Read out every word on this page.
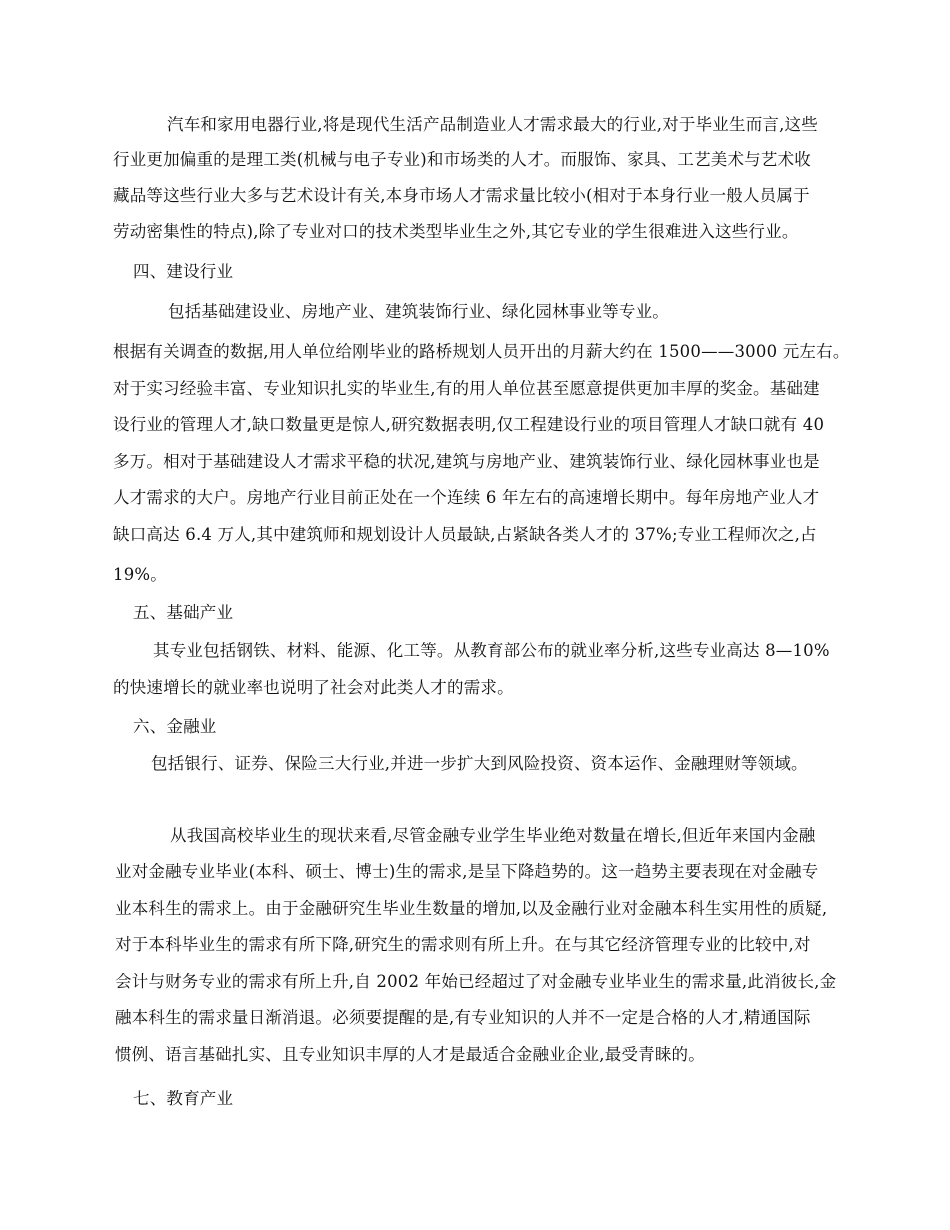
汽车和家用电器行业,将是现代生活产品制造业人才需求最大的行业,对于毕业生而言,这些
行业更加偏重的是理工类(机械与电子专业)和市场类的人才。而服饰、家具、工艺美术与艺术收
藏品等这些行业大多与艺术设计有关,本身市场人才需求量比较小(相对于本身行业一般人员属于
劳动密集性的特点),除了专业对口的技术类型毕业生之外,其它专业的学生很难进入这些行业。
四、建设行业
包括基础建设业、房地产业、建筑装饰行业、绿化园林事业等专业。
根据有关调查的数据,用人单位给刚毕业的路桥规划人员开出的月薪大约在 1500——3000 元左右。
对于实习经验丰富、专业知识扎实的毕业生,有的用人单位甚至愿意提供更加丰厚的奖金。基础建
设行业的管理人才,缺口数量更是惊人,研究数据表明,仅工程建设行业的项目管理人才缺口就有 40
多万。相对于基础建设人才需求平稳的状况,建筑与房地产业、建筑装饰行业、绿化园林事业也是
人才需求的大户。房地产行业目前正处在一个连续 6 年左右的高速增长期中。每年房地产业人才
缺口高达 6.4 万人,其中建筑师和规划设计人员最缺,占紧缺各类人才的 37%;专业工程师次之,占
19%。
五、基础产业
其专业包括钢铁、材料、能源、化工等。从教育部公布的就业率分析,这些专业高达 8—10%
的快速增长的就业率也说明了社会对此类人才的需求。
六、金融业
包括银行、证券、保险三大行业,并进一步扩大到风险投资、资本运作、金融理财等领域。
从我国高校毕业生的现状来看,尽管金融专业学生毕业绝对数量在增长,但近年来国内金融
业对金融专业毕业(本科、硕士、博士)生的需求,是呈下降趋势的。这一趋势主要表现在对金融专
业本科生的需求上。由于金融研究生毕业生数量的增加,以及金融行业对金融本科生实用性的质疑,
对于本科毕业生的需求有所下降,研究生的需求则有所上升。在与其它经济管理专业的比较中,对
会计与财务专业的需求有所上升,自 2002 年始已经超过了对金融专业毕业生的需求量,此消彼长,金
融本科生的需求量日渐消退。必须要提醒的是,有专业知识的人并不一定是合格的人才,精通国际
惯例、语言基础扎实、且专业知识丰厚的人才是最适合金融业企业,最受青睐的。
七、教育产业
